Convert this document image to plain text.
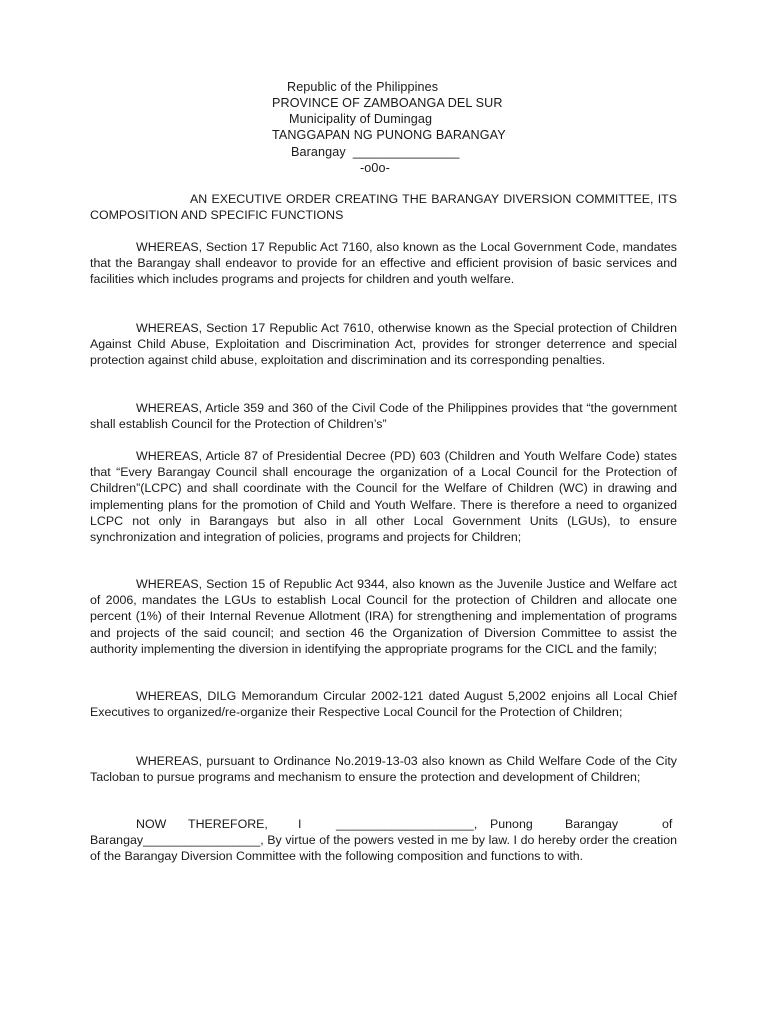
Republic of the Philippines
PROVINCE OF ZAMBOANGA DEL SUR
Municipality of Dumingag
TANGGAPAN NG PUNONG BARANGAY
Barangay  _______________
-o0o-
AN EXECUTIVE ORDER CREATING THE BARANGAY DIVERSION COMMITTEE, ITS COMPOSITION AND SPECIFIC FUNCTIONS

WHEREAS, Section 17 Republic Act 7160, also known as the Local Government Code, mandates that the Barangay shall endeavor to provide for an effective and efficient provision of basic services and facilities which includes programs and projects for children and youth welfare.

WHEREAS, Section 17 Republic Act 7610, otherwise known as the Special protection of Children Against Child Abuse, Exploitation and Discrimination Act, provides for stronger deterrence and special protection against child abuse, exploitation and discrimination and its corresponding penalties.

WHEREAS, Article 359 and 360 of the Civil Code of the Philippines provides that “the government shall establish Council for the Protection of Children’s”

WHEREAS, Article 87 of Presidential Decree (PD) 603 (Children and Youth Welfare Code) states that “Every Barangay Council shall encourage the organization of a Local Council for the Protection of Children”(LCPC) and shall coordinate with the Council for the Welfare of Children (WC) in drawing and implementing plans for the promotion of Child and Youth Welfare. There is therefore a need to organized LCPC not only in Barangays but also in all other Local Government Units (LGUs), to ensure synchronization and integration of policies, programs and projects for Children;

WHEREAS, Section 15 of Republic Act 9344, also known as the Juvenile Justice and Welfare act of 2006, mandates the LGUs to establish Local Council for the protection of Children and allocate one percent (1%) of their Internal Revenue Allotment (IRA) for strengthening and implementation of programs and projects of the said council; and section 46 the Organization of Diversion Committee to assist the authority implementing the diversion in identifying the appropriate programs for the CICL and the family;

WHEREAS, DILG Memorandum Circular 2002-121 dated August 5,2002 enjoins all Local Chief Executives to organized/re-organize their Respective Local Council for the Protection of Children;

WHEREAS, pursuant to Ordinance No.2019-13-03 also known as Child Welfare Code of the City Tacloban to pursue programs and mechanism to ensure the protection and development of Children;

NOW THEREFORE, I	____________________, Punong	Barangay	of

Barangay_________________, By virtue of the powers vested in me by law. I do hereby order the creation of the Barangay Diversion Committee with the following composition and functions to with.
